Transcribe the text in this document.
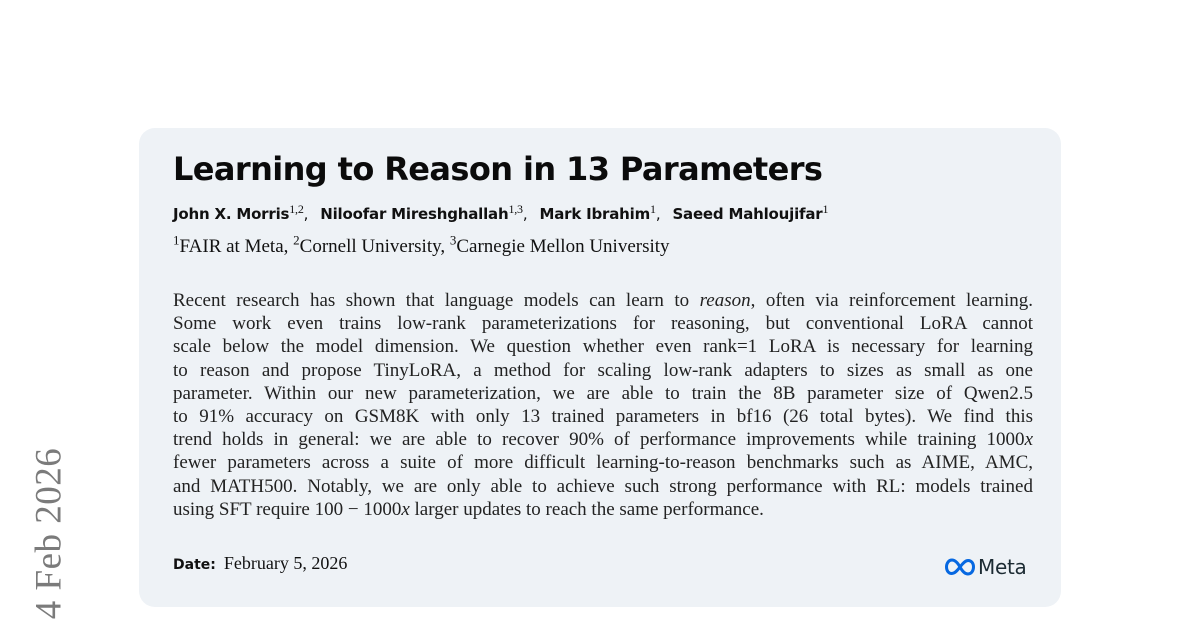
4 Feb 2026
Learning to Reason in 13 Parameters
John X. Morris$^{1,2}$, Niloofar Mireshghallah$^{1,3}$, Mark Ibrahim$^1$, Saeed Mahloujifar$^1$
$^1$FAIR at Meta, $^2$Cornell University, $^3$Carnegie Mellon University

Recent research has shown that language models can learn to reason, often via reinforcement learning.
Some work even trains low-rank parameterizations for reasoning, but conventional LoRA cannot
scale below the model dimension. We question whether even rank=1 LoRA is necessary for learning
to reason and propose TinyLoRA, a method for scaling low-rank adapters to sizes as small as one
parameter. Within our new parameterization, we are able to train the 8B parameter size of Qwen2.5
to 91% accuracy on GSM8K with only 13 trained parameters in bf16 (26 total bytes). We find this
trend holds in general: we are able to recover 90% of performance improvements while training 1000x
fewer parameters across a suite of more difficult learning-to-reason benchmarks such as AIME, AMC,
and MATH500. Notably, we are only able to achieve such strong performance with RL: models trained
using SFT require 100 − 1000x larger updates to reach the same performance.

Date: February 5, 2026	Meta
